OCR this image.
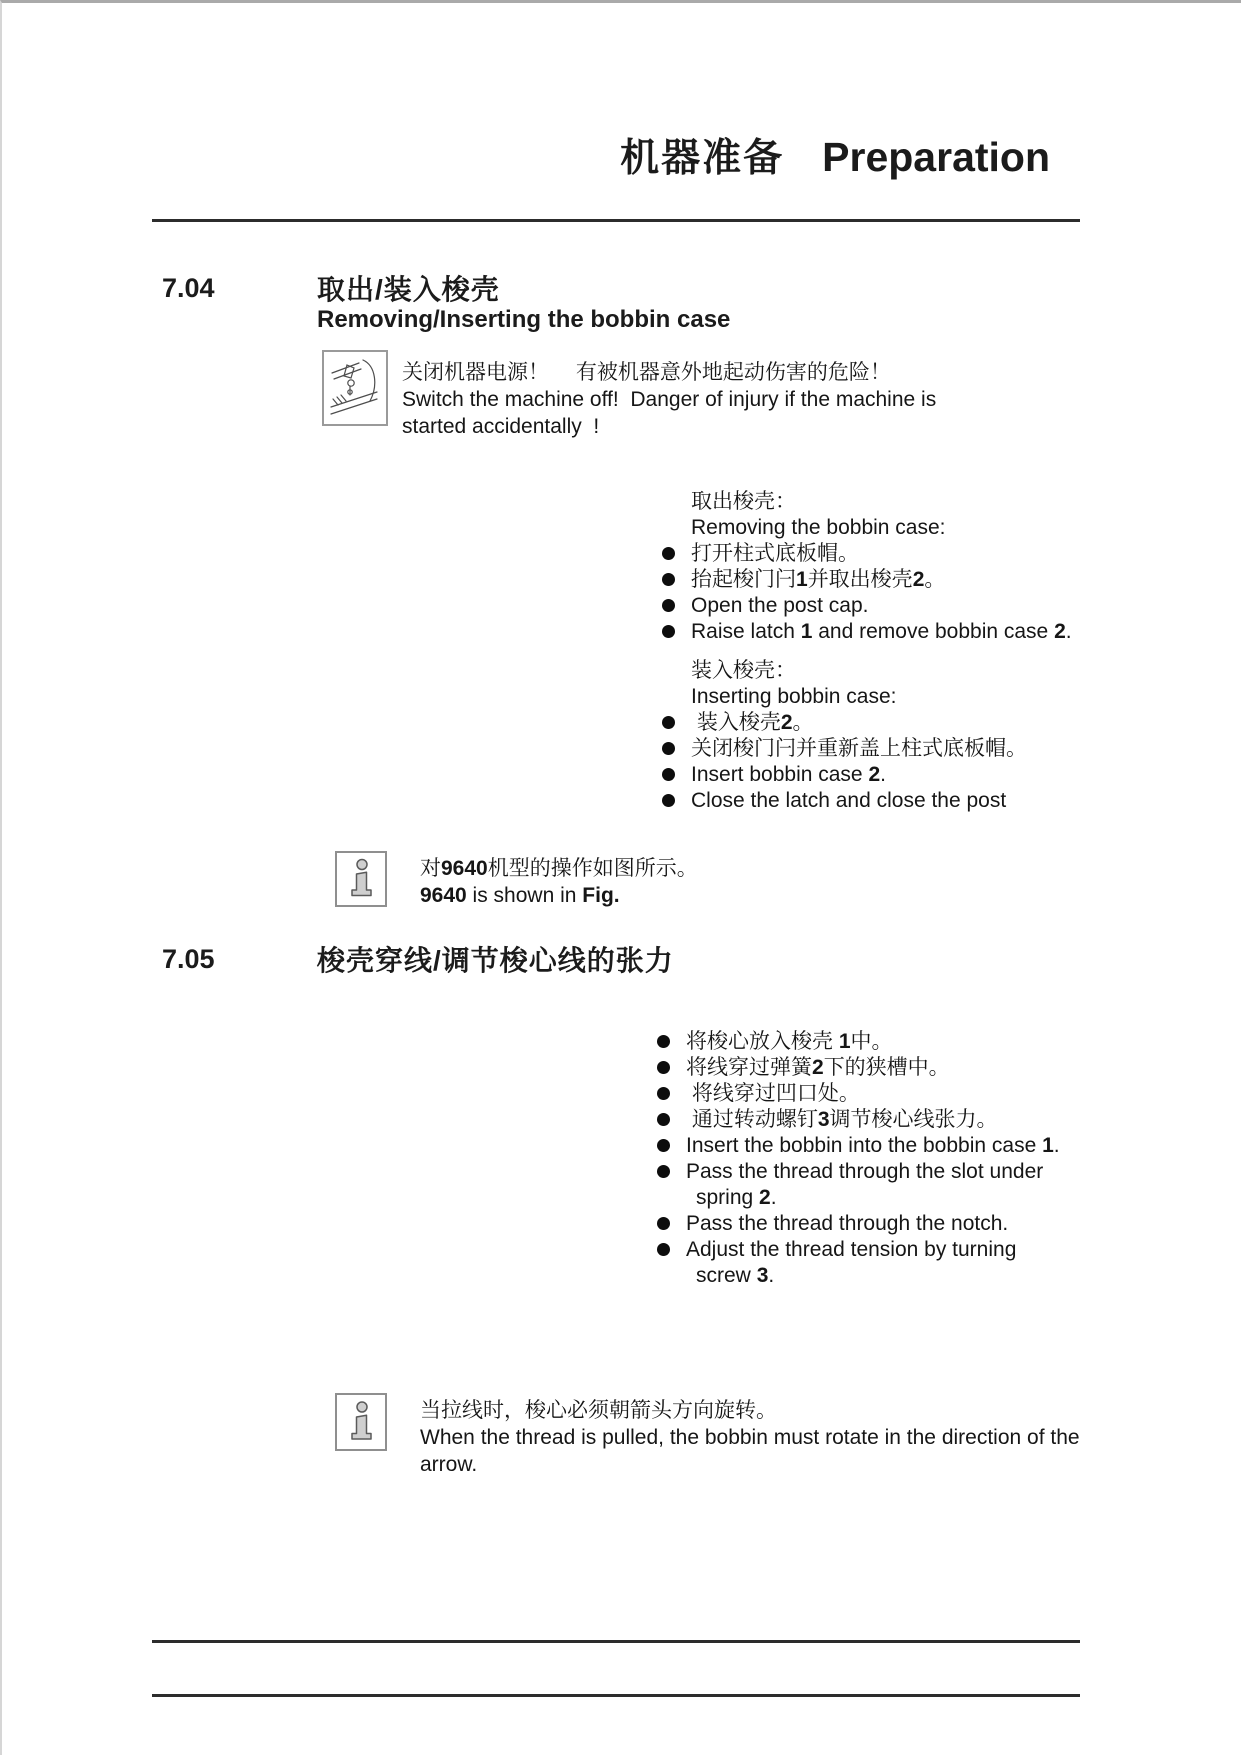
机器准备 Preparation
7.04	取出/装入梭壳
Removing/Inserting the bobbin case
关闭机器电源！　 有被机器意外地起动伤害的危险！
Switch the machine off!  Danger of injury if the machine is
started accidentally  !
取出梭壳：
Removing the bobbin case:
打开柱式底板帽。
抬起梭门闩1并取出梭壳2。
Open the post cap.
Raise latch 1 and remove bobbin case 2.
装入梭壳：
Inserting bobbin case:
装入梭壳2。
关闭梭门闩并重新盖上柱式底板帽。
Insert bobbin case 2.
Close the latch and close the post
对9640机型的操作如图所示。
9640 is shown in Fig.
7.05	梭壳穿线/调节梭心线的张力
将梭心放入梭壳 1中。
将线穿过弹簧2下的狭槽中。
将线穿过凹口处。
通过转动螺钉3调节梭心线张力。
Insert the bobbin into the bobbin case 1.
Pass the thread through the slot under
spring 2.
Pass the thread through the notch.
Adjust the thread tension by turning
screw 3.
当拉线时，梭心必须朝箭头方向旋转。
When the thread is pulled, the bobbin must rotate in the direction of the
arrow.
